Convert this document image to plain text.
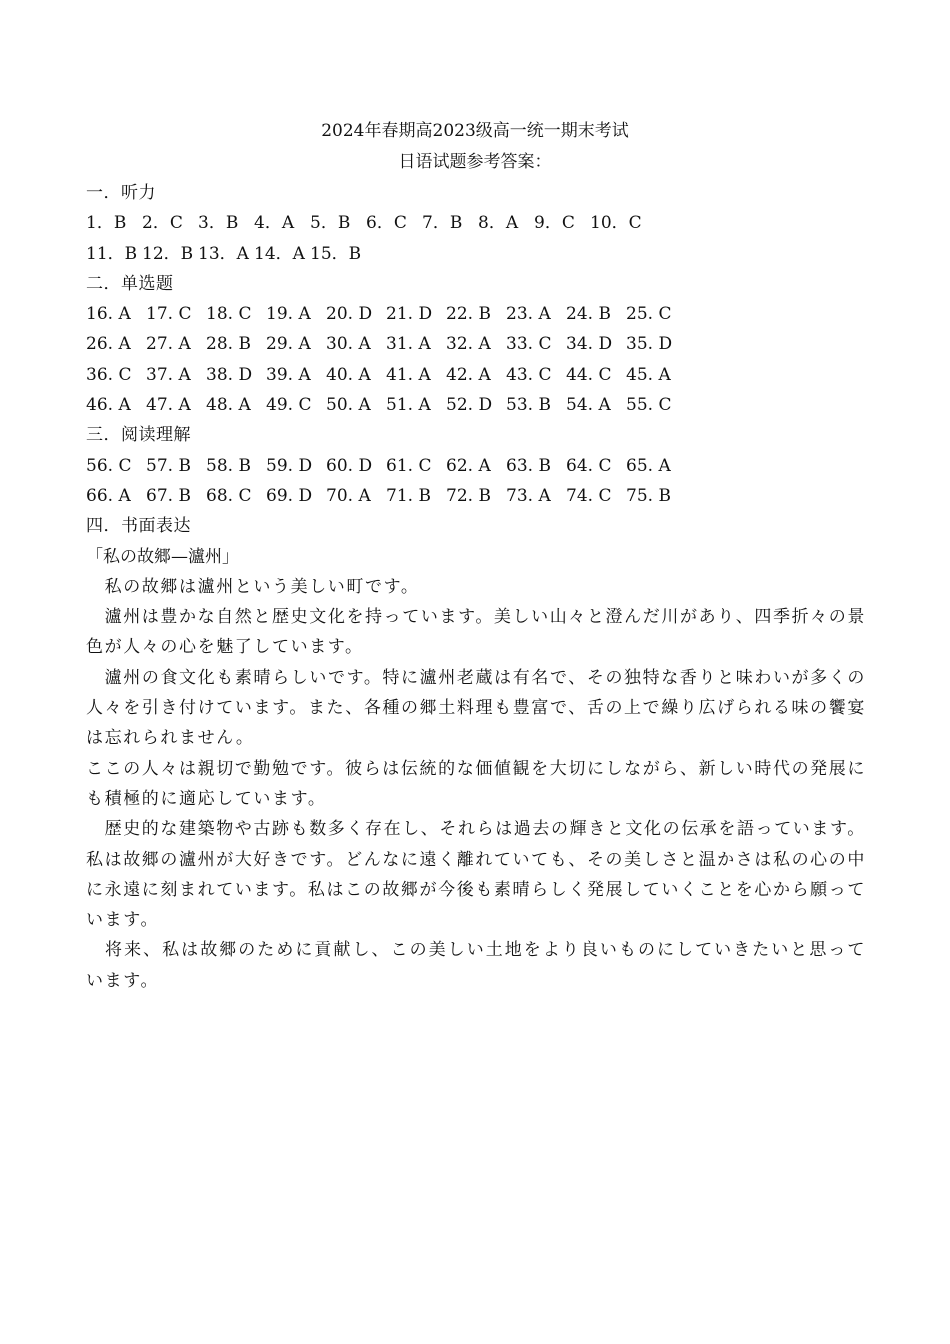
2024年春期高2023级高一统一期末考试
日语试题参考答案：
一．听力
1．B 2．C 3．B 4．A 5．B 6．C 7．B 8．A 9．C 10．C
11．B 12．B 13．A 14．A 15．B
二．单选题
16. A 17. C 18. C 19. A 20. D 21. D 22. B 23. A 24. B 25. C
26. A 27. A 28. B 29. A 30. A 31. A 32. A 33. C 34. D 35. D
36. C 37. A 38. D 39. A 40. A 41. A 42. A 43. C 44. C 45. A
46. A 47. A 48. A 49. C 50. A 51. A 52. D 53. B 54. A 55. C
三．阅读理解
56. C 57. B 58. B 59. D 60. D 61. C 62. A 63. B 64. C 65. A
66. A 67. B 68. C 69. D 70. A 71. B 72. B 73. A 74. C 75. B
四．书面表达
「私の故郷—瀘州」
　私の故郷は瀘州という美しい町です。
　瀘州は豊かな自然と歴史文化を持っています。美しい山々と澄んだ川があり、四季折々の景色が人々の心を魅了しています。
　瀘州の食文化も素晴らしいです。特に瀘州老蔵は有名で、その独特な香りと味わいが多くの人々を引き付けています。また、各種の郷土料理も豊富で、舌の上で繰り広げられる味の饗宴は忘れられません。
ここの人々は親切で勤勉です。彼らは伝統的な価値観を大切にしながら、新しい時代の発展にも積極的に適応しています。
　歴史的な建築物や古跡も数多く存在し、それらは過去の輝きと文化の伝承を語っています。
私は故郷の瀘州が大好きです。どんなに遠く離れていても、その美しさと温かさは私の心の中に永遠に刻まれています。私はこの故郷が今後も素晴らしく発展していくことを心から願っています。
　将来、私は故郷のために貢献し、この美しい土地をより良いものにしていきたいと思っています。
